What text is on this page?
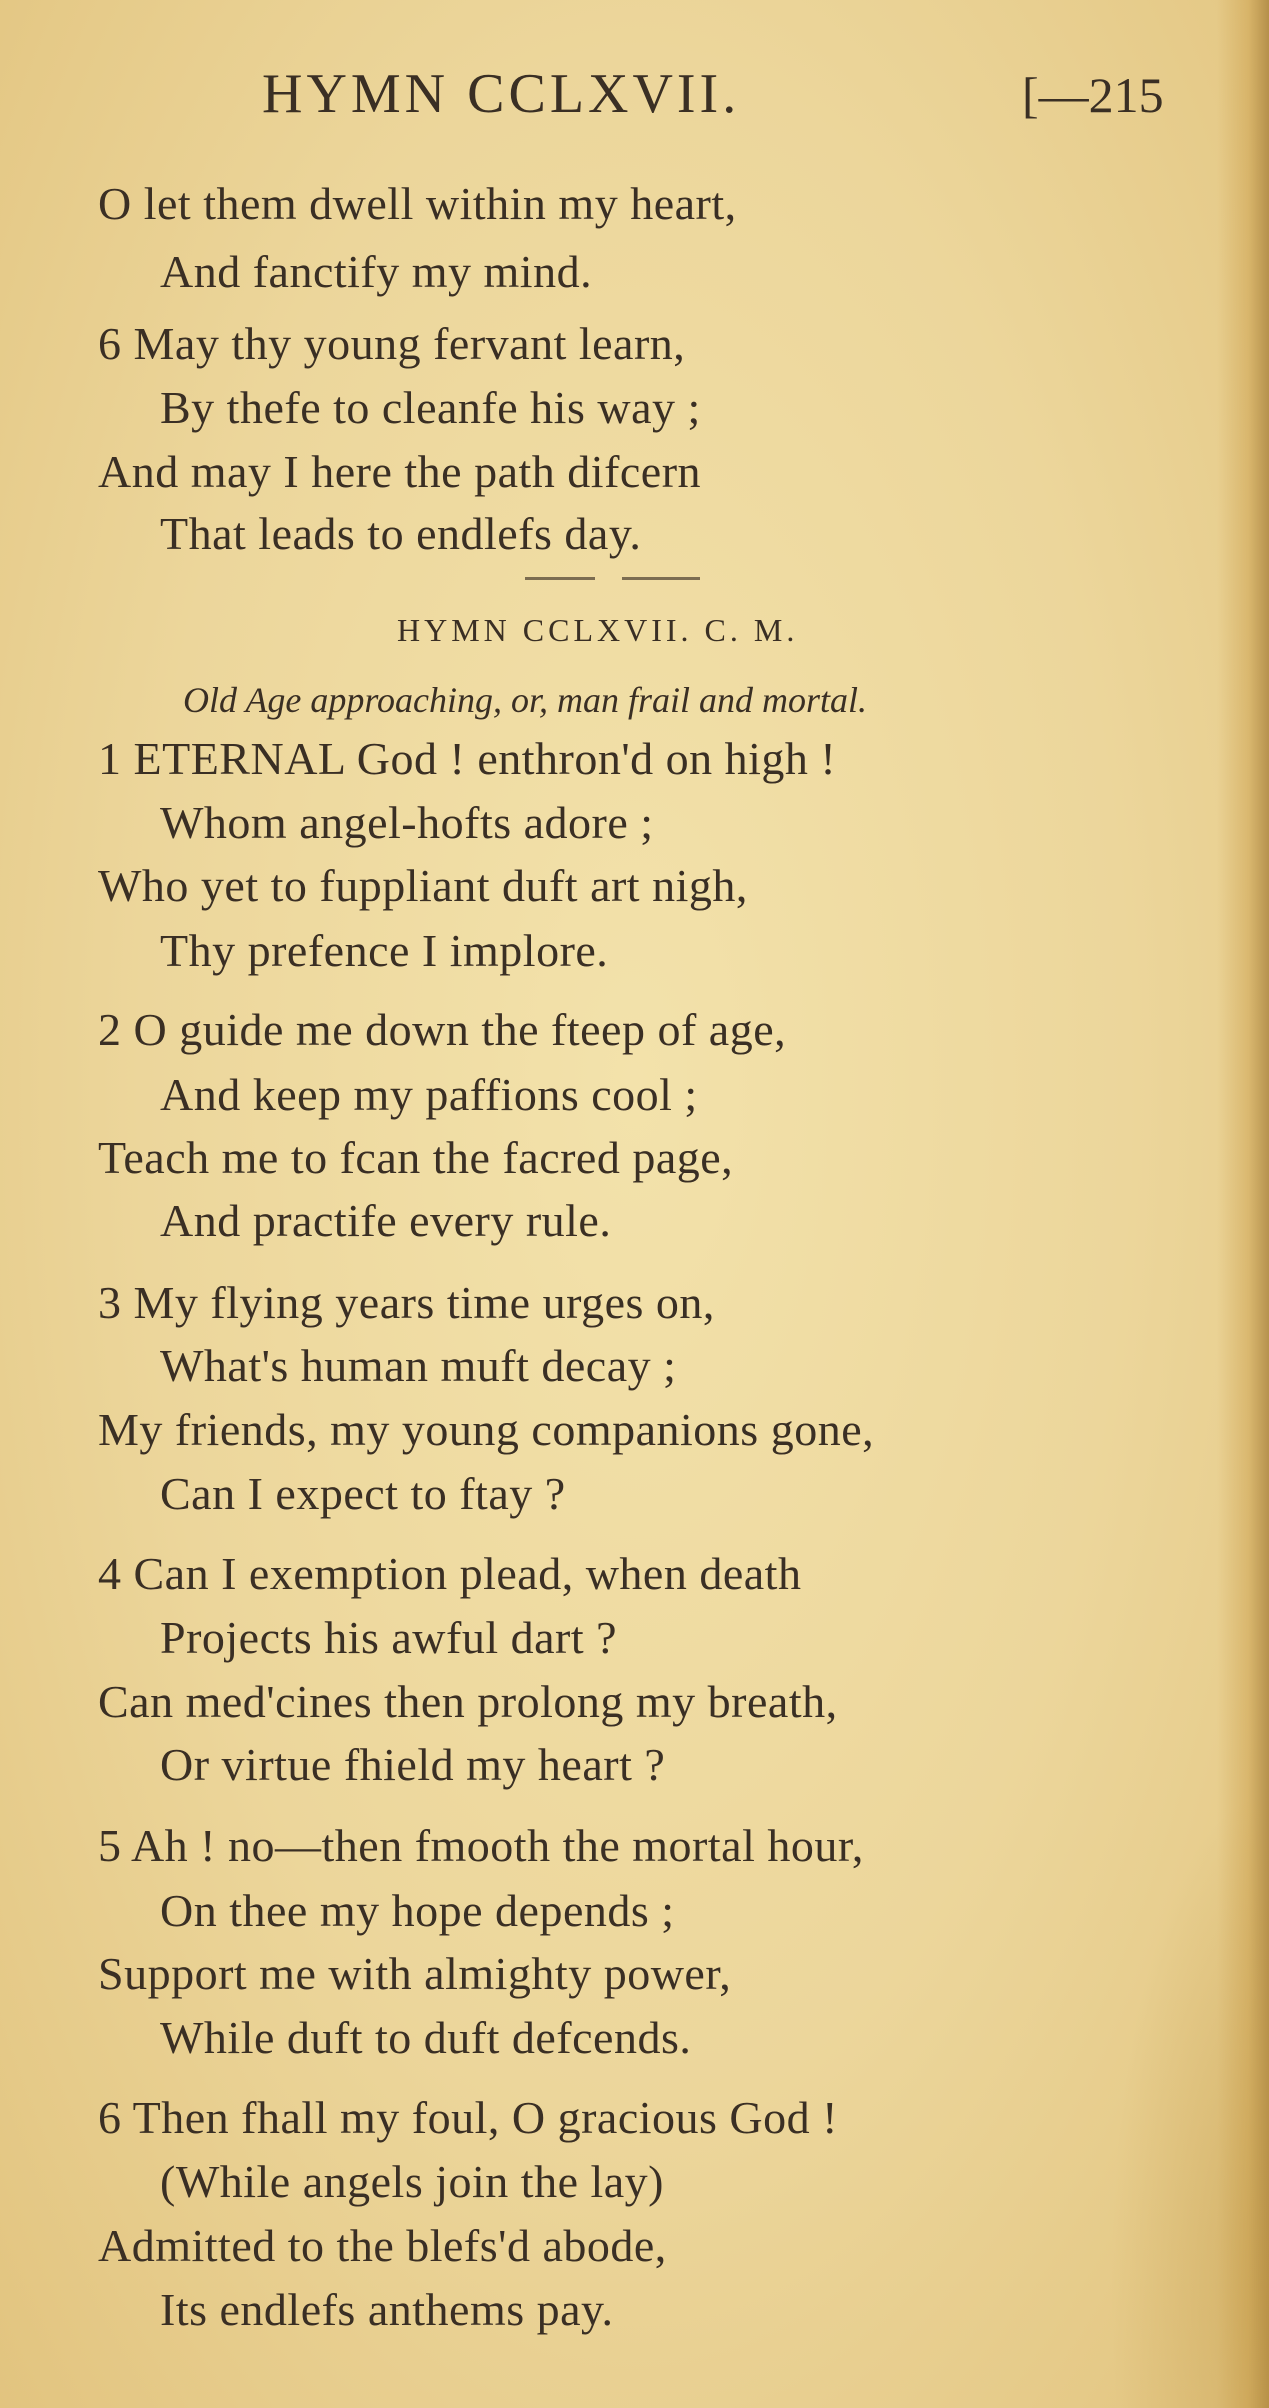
HYMN CCLXVII.	[—215
O let them dwell within my heart,
And fanctify my mind.
6 May thy young fervant learn,
By thefe to cleanfe his way ;
And may I here the path difcern
That leads to endlefs day.
HYMN CCLXVII. C. M.
Old Age approaching, or, man frail and mortal.
1 ETERNAL God ! enthron'd on high !
Whom angel-hofts adore ;
Who yet to fuppliant duft art nigh,
Thy prefence I implore.
2 O guide me down the fteep of age,
And keep my paffions cool ;
Teach me to fcan the facred page,
And practife every rule.
3 My flying years time urges on,
What's human muft decay ;
My friends, my young companions gone,
Can I expect to ftay ?
4 Can I exemption plead, when death
Projects his awful dart ?
Can med'cines then prolong my breath,
Or virtue fhield my heart ?
5 Ah ! no—then fmooth the mortal hour,
On thee my hope depends ;
Support me with almighty power,
While duft to duft defcends.
6 Then fhall my foul, O gracious God !
(While angels join the lay)
Admitted to the blefs'd abode,
Its endlefs anthems pay.
